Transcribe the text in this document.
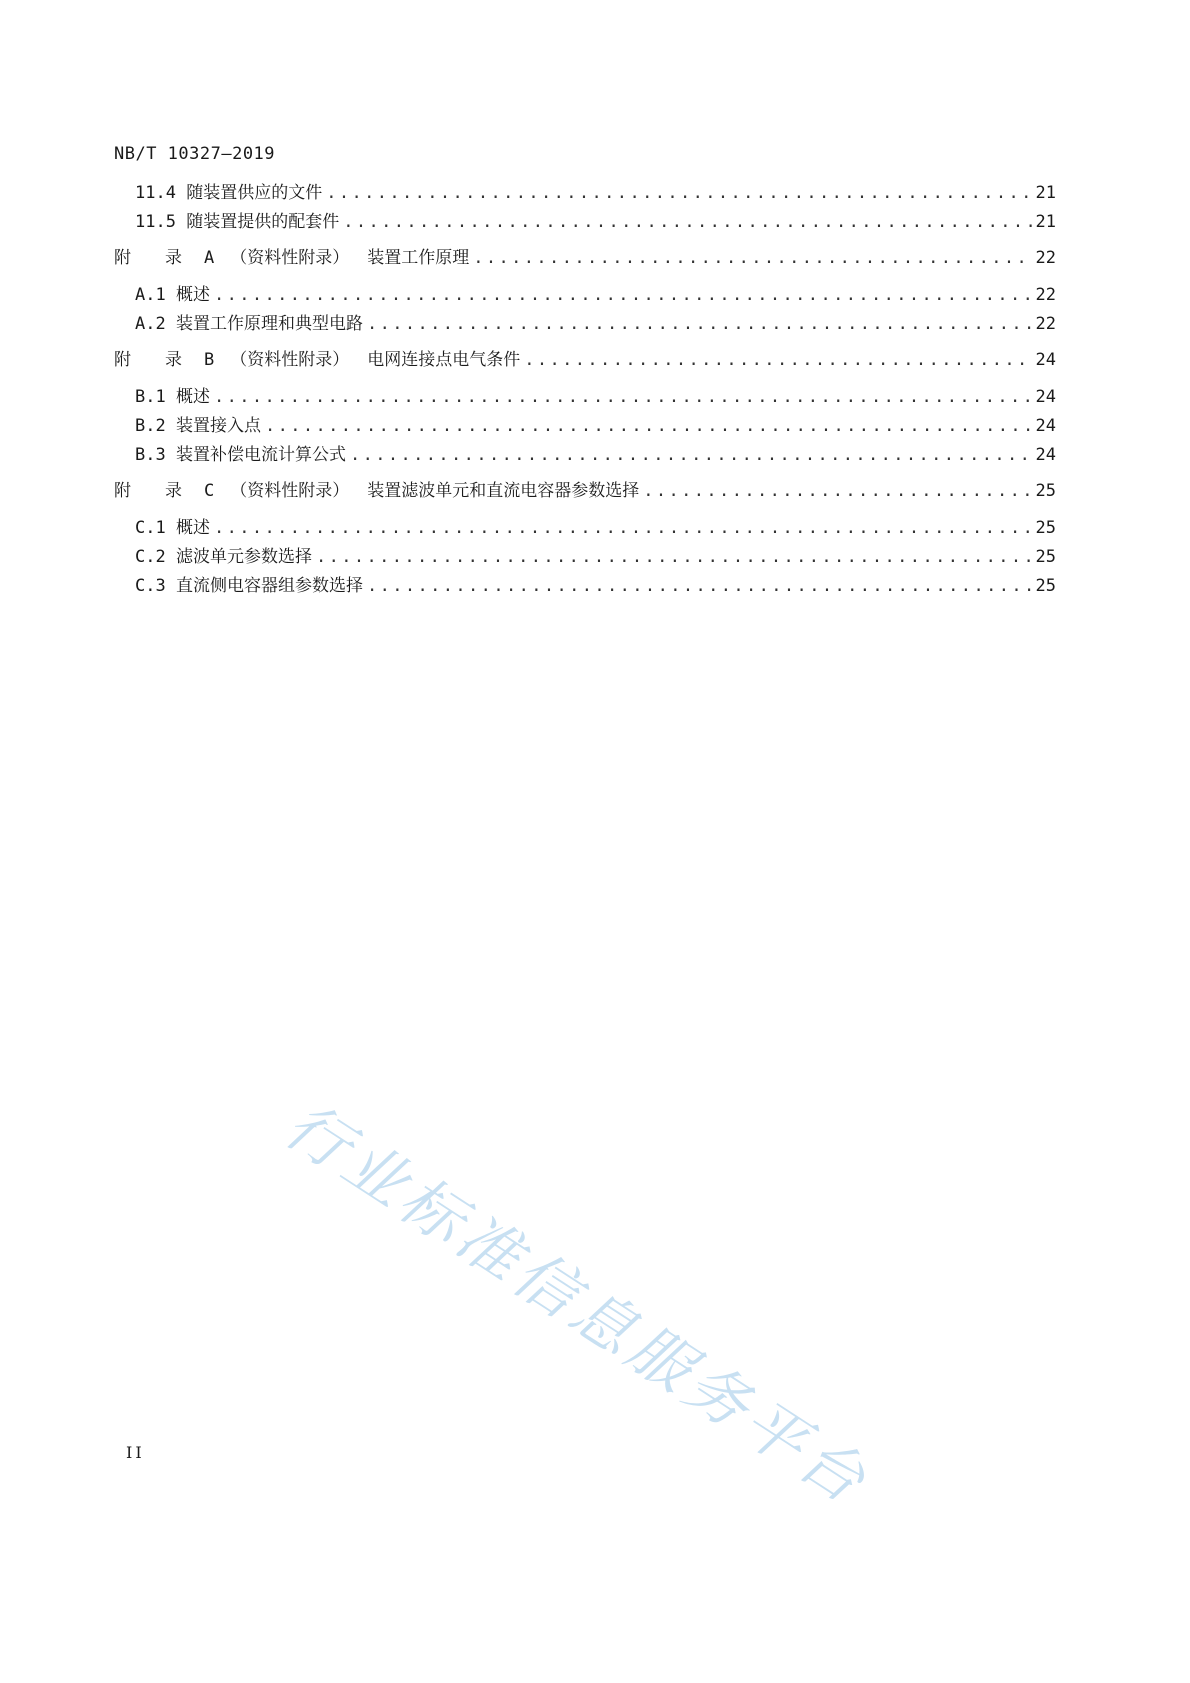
NB/T 10327—2019
11.4 随装置供应的文件 .....	21
11.5 随装置提供的配套件 .....	21
附 录 A （资料性附录） 装置工作原理 .....	22
A.1 概述 .....	22
A.2 装置工作原理和典型电路 .....	22
附 录 B （资料性附录） 电网连接点电气条件 .....	24
B.1 概述 .....	24
B.2 装置接入点 .....	24
B.3 装置补偿电流计算公式 .....	24
附 录 C （资料性附录） 装置滤波单元和直流电容器参数选择 .....	25
C.1 概述 .....	25
C.2 滤波单元参数选择 .....	25
C.3 直流侧电容器组参数选择 .....	25
行业标准信息服务平台
II
